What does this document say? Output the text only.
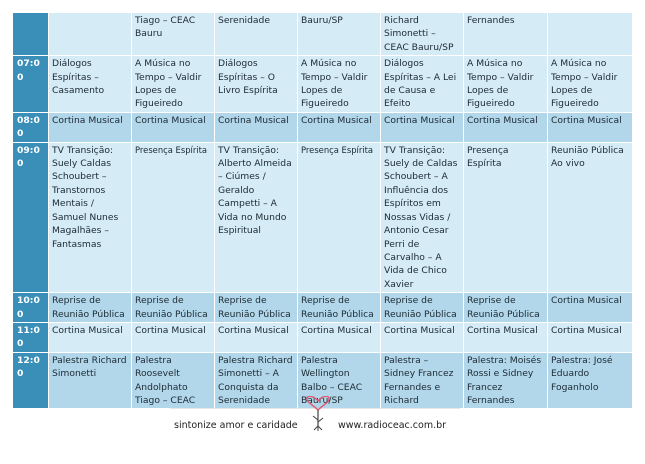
		Tiago – CEAC Bauru	Serenidade	Bauru/SP	Richard Simonetti – CEAC Bauru/SP	Fernandes	
07:00	Diálogos Espíritas – Casamento	A Música no Tempo – Valdir Lopes de Figueiredo	Diálogos Espíritas – O Livro Espírita	A Música no Tempo – Valdir Lopes de Figueiredo	Diálogos Espíritas – A Lei de Causa e Efeito	A Música no Tempo – Valdir Lopes de Figueiredo	A Música no Tempo – Valdir Lopes de Figueiredo
08:00	Cortina Musical	Cortina Musical	Cortina Musical	Cortina Musical	Cortina Musical	Cortina Musical	Cortina Musical
09:00	TV Transição: Suely Caldas Schoubert – Transtornos Mentais / Samuel Nunes Magalhães – Fantasmas	Presença Espírita	TV Transição: Alberto Almeida – Ciúmes / Geraldo Campetti – A Vida no Mundo Espiritual	Presença Espírita	TV Transição: Suely de Caldas Schoubert – A Influência dos Espíritos em Nossas Vidas / Antonio Cesar Perri de Carvalho – A Vida de Chico Xavier	Presença Espírita	Reunião Pública Ao vivo
10:00	Reprise de Reunião Pública	Reprise de Reunião Pública	Reprise de Reunião Pública	Reprise de Reunião Pública	Reprise de Reunião Pública	Reprise de Reunião Pública	Cortina Musical
11:00	Cortina Musical	Cortina Musical	Cortina Musical	Cortina Musical	Cortina Musical	Cortina Musical	Cortina Musical
12:00	Palestra Richard Simonetti	Palestra Roosevelt Andolphato Tiago – CEAC	Palestra Richard Simonetti – A Conquista da Serenidade	Palestra Wellington Balbo – CEAC Bauru/SP	Palestra – Sidney Francez Fernandes e Richard	Palestra: Moisés Rossi e Sidney Francez Fernandes	Palestra: José Eduardo Foganholo
sintonize amor e caridade	www.radioceac.com.br
